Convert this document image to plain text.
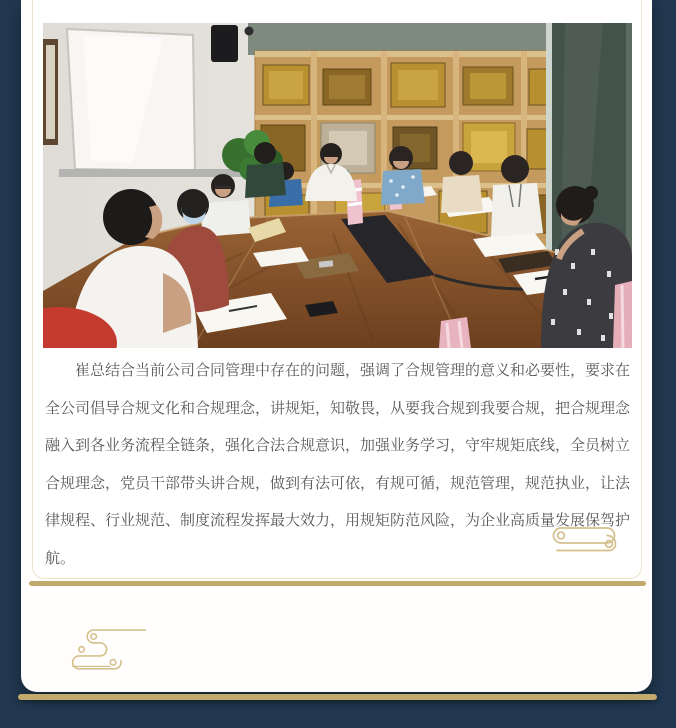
崔总结合当前公司合同管理中存在的问题，强调了合规管理的意义和必要性，要求在全公司倡导合规文化和合规理念，讲规矩，知敬畏，从要我合规到我要合规，把合规理念融入到各业务流程全链条，强化合法合规意识，加强业务学习，守牢规矩底线，全员树立合规理念，党员干部带头讲合规，做到有法可依，有规可循，规范管理，规范执业，让法律规程、行业规范、制度流程发挥最大效力，用规矩防范风险，为企业高质量发展保驾护航。
